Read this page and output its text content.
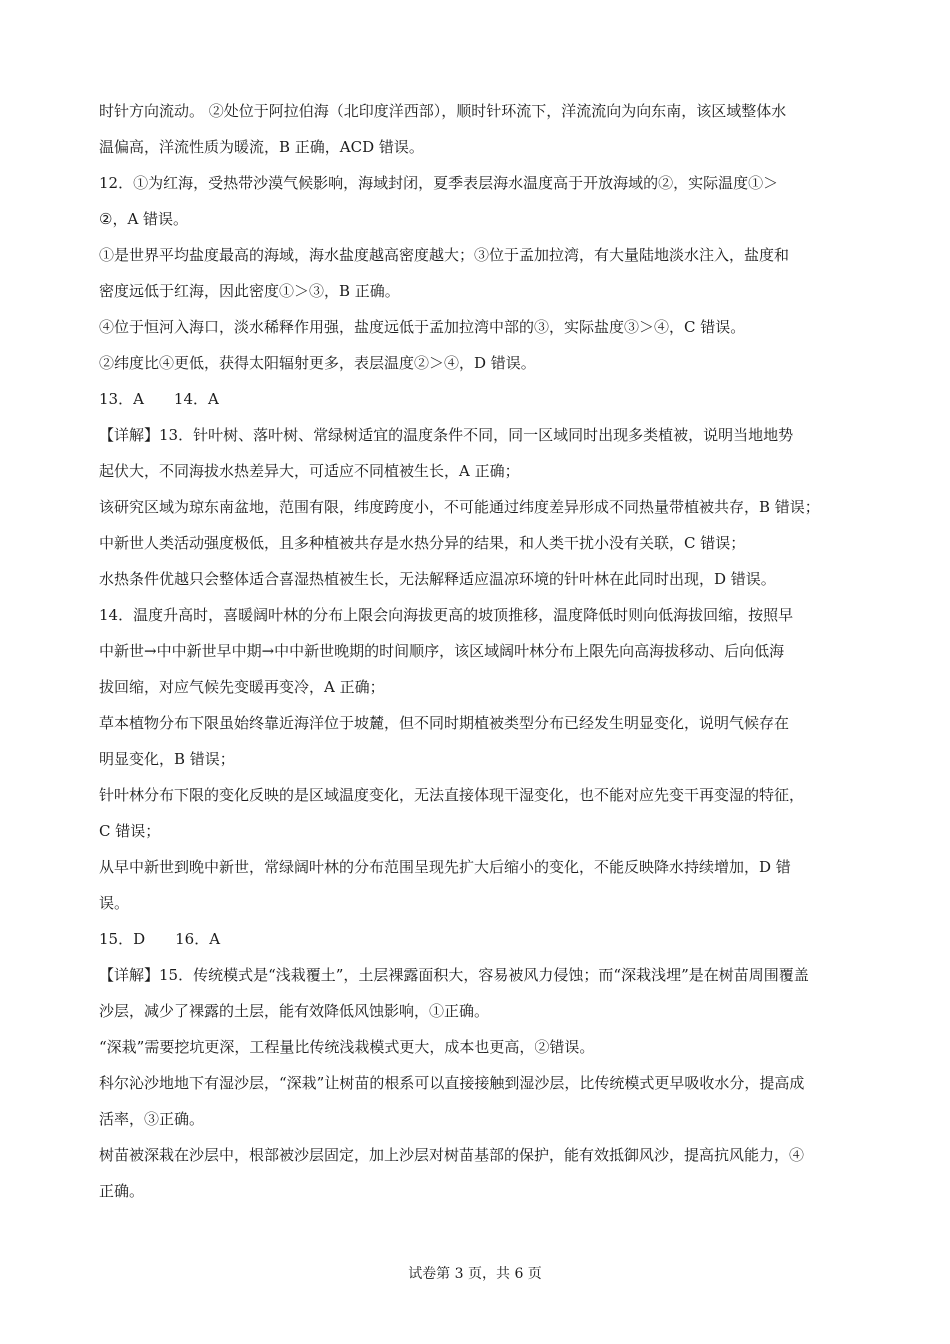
时针方向流动。 ②处位于阿拉伯海（北印度洋西部），顺时针环流下，洋流流向为向东南，该区域整体水
温偏高，洋流性质为暖流，B 正确，ACD 错误。
12．①为红海，受热带沙漠气候影响，海域封闭，夏季表层海水温度高于开放海域的②，实际温度①＞
②，A 错误。
①是世界平均盐度最高的海域，海水盐度越高密度越大；③位于孟加拉湾，有大量陆地淡水注入，盐度和
密度远低于红海，因此密度①＞③，B 正确。
④位于恒河入海口，淡水稀释作用强，盐度远低于孟加拉湾中部的③，实际盐度③＞④，C 错误。
②纬度比④更低，获得太阳辐射更多，表层温度②＞④，D 错误。
13．A　　14．A
【详解】13．针叶树、落叶树、常绿树适宜的温度条件不同，同一区域同时出现多类植被，说明当地地势
起伏大，不同海拔水热差异大，可适应不同植被生长，A 正确；
该研究区域为琼东南盆地，范围有限，纬度跨度小，不可能通过纬度差异形成不同热量带植被共存，B 错误；
中新世人类活动强度极低，且多种植被共存是水热分异的结果，和人类干扰小没有关联，C 错误；
水热条件优越只会整体适合喜湿热植被生长，无法解释适应温凉环境的针叶林在此同时出现，D 错误。
14．温度升高时，喜暖阔叶林的分布上限会向海拔更高的坡顶推移，温度降低时则向低海拔回缩，按照早
中新世→中中新世早中期→中中新世晚期的时间顺序，该区域阔叶林分布上限先向高海拔移动、后向低海
拔回缩，对应气候先变暖再变冷，A 正确；
草本植物分布下限虽始终靠近海洋位于坡麓，但不同时期植被类型分布已经发生明显变化，说明气候存在
明显变化，B 错误；
针叶林分布下限的变化反映的是区域温度变化，无法直接体现干湿变化，也不能对应先变干再变湿的特征，
C 错误；
从早中新世到晚中新世，常绿阔叶林的分布范围呈现先扩大后缩小的变化，不能反映降水持续增加，D 错
误。
15．D　　16．A
【详解】15．传统模式是“浅栽覆土”，土层裸露面积大，容易被风力侵蚀；而“深栽浅埋”是在树苗周围覆盖
沙层，减少了裸露的土层，能有效降低风蚀影响，①正确。
“深栽”需要挖坑更深，工程量比传统浅栽模式更大，成本也更高，②错误。
科尔沁沙地地下有湿沙层，“深栽”让树苗的根系可以直接接触到湿沙层，比传统模式更早吸收水分，提高成
活率，③正确。
树苗被深栽在沙层中，根部被沙层固定，加上沙层对树苗基部的保护，能有效抵御风沙，提高抗风能力，④
正确。
试卷第 3 页，共 6 页
